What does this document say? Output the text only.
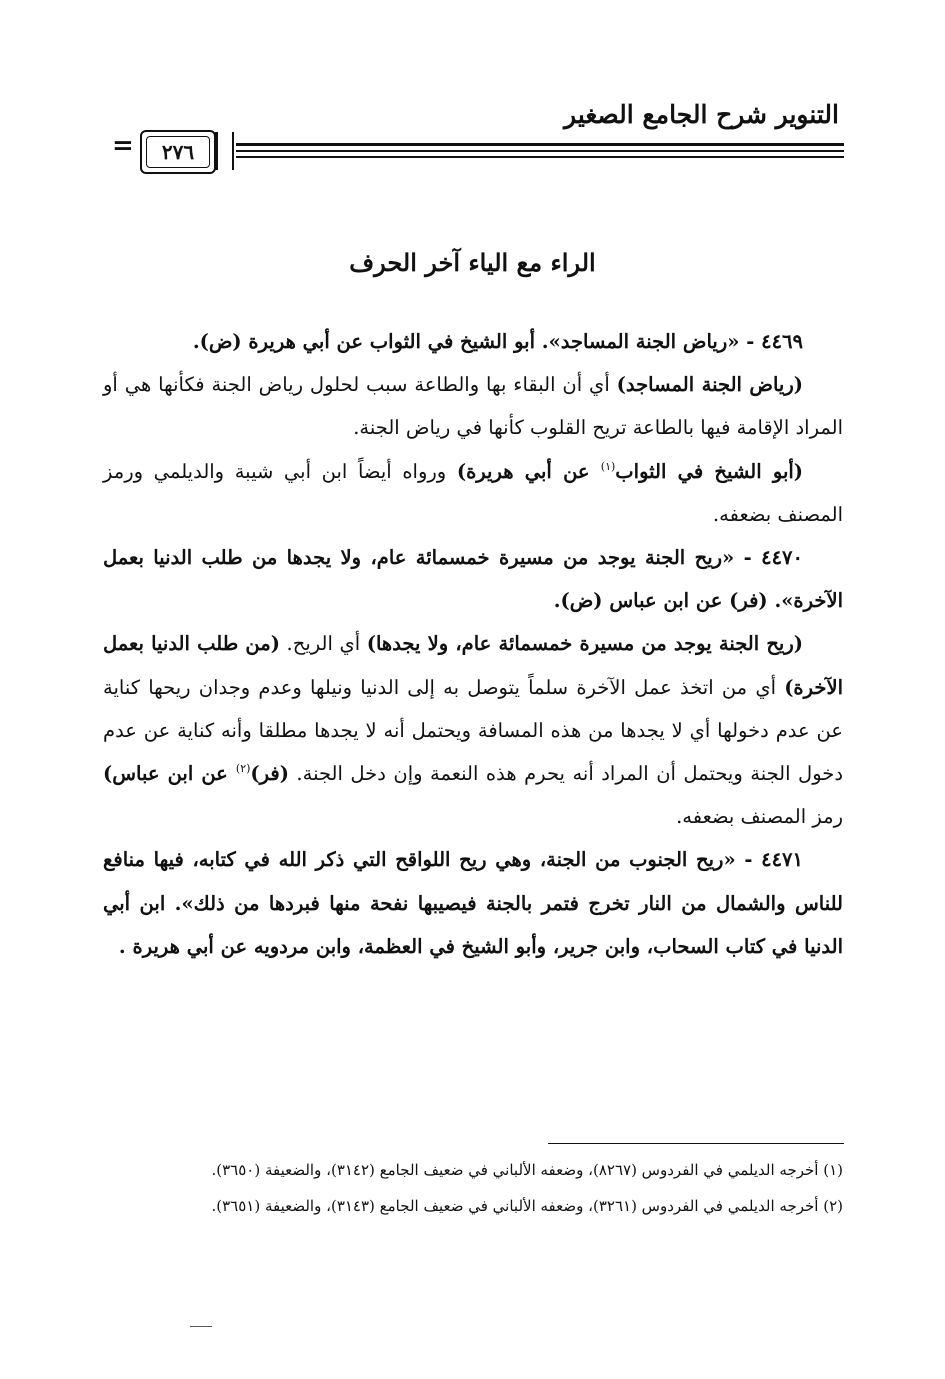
التنوير شرح الجامع الصغير
٢٧٦
=
الراء مع الياء آخر الحرف

٤٤٦٩ - «رياض الجنة المساجد». أبو الشيخ في الثواب عن أبي هريرة (ض).

(رياض الجنة المساجد) أي أن البقاء بها والطاعة سبب لحلول رياض الجنة فكأنها هي أو المراد الإقامة فيها بالطاعة تريح القلوب كأنها في رياض الجنة.

(أبو الشيخ في الثواب$^{(١)}$ عن أبي هريرة) ورواه أيضاً ابن أبي شيبة والديلمي ورمز المصنف بضعفه.

٤٤٧٠ - «ريح الجنة يوجد من مسيرة خمسمائة عام، ولا يجدها من طلب الدنيا بعمل الآخرة». (فر) عن ابن عباس (ض).

(ريح الجنة يوجد من مسيرة خمسمائة عام، ولا يجدها) أي الريح. (من طلب الدنيا بعمل الآخرة) أي من اتخذ عمل الآخرة سلماً يتوصل به إلى الدنيا ونيلها وعدم وجدان ريحها كناية عن عدم دخولها أي لا يجدها من هذه المسافة ويحتمل أنه لا يجدها مطلقا وأنه كناية عن عدم دخول الجنة ويحتمل أن المراد أنه يحرم هذه النعمة وإن دخل الجنة. (فر)$^{(٢)}$ عن ابن عباس) رمز المصنف بضعفه.

٤٤٧١ - «ريح الجنوب من الجنة، وهي ريح اللواقح التي ذكر الله في كتابه، فيها منافع للناس والشمال من النار تخرج فتمر بالجنة فيصيبها نفحة منها فبردها من ذلك». ابن أبي الدنيا في كتاب السحاب، وابن جرير، وأبو الشيخ في العظمة، وابن مردويه عن أبي هريرة .

(١) أخرجه الديلمي في الفردوس (٨٢٦٧)، وضعفه الألباني في ضعيف الجامع (٣١٤٢)، والضعيفة (٣٦٥٠).

(٢) أخرجه الديلمي في الفردوس (٣٢٦١)، وضعفه الألباني في ضعيف الجامع (٣١٤٣)، والضعيفة (٣٦٥١).
